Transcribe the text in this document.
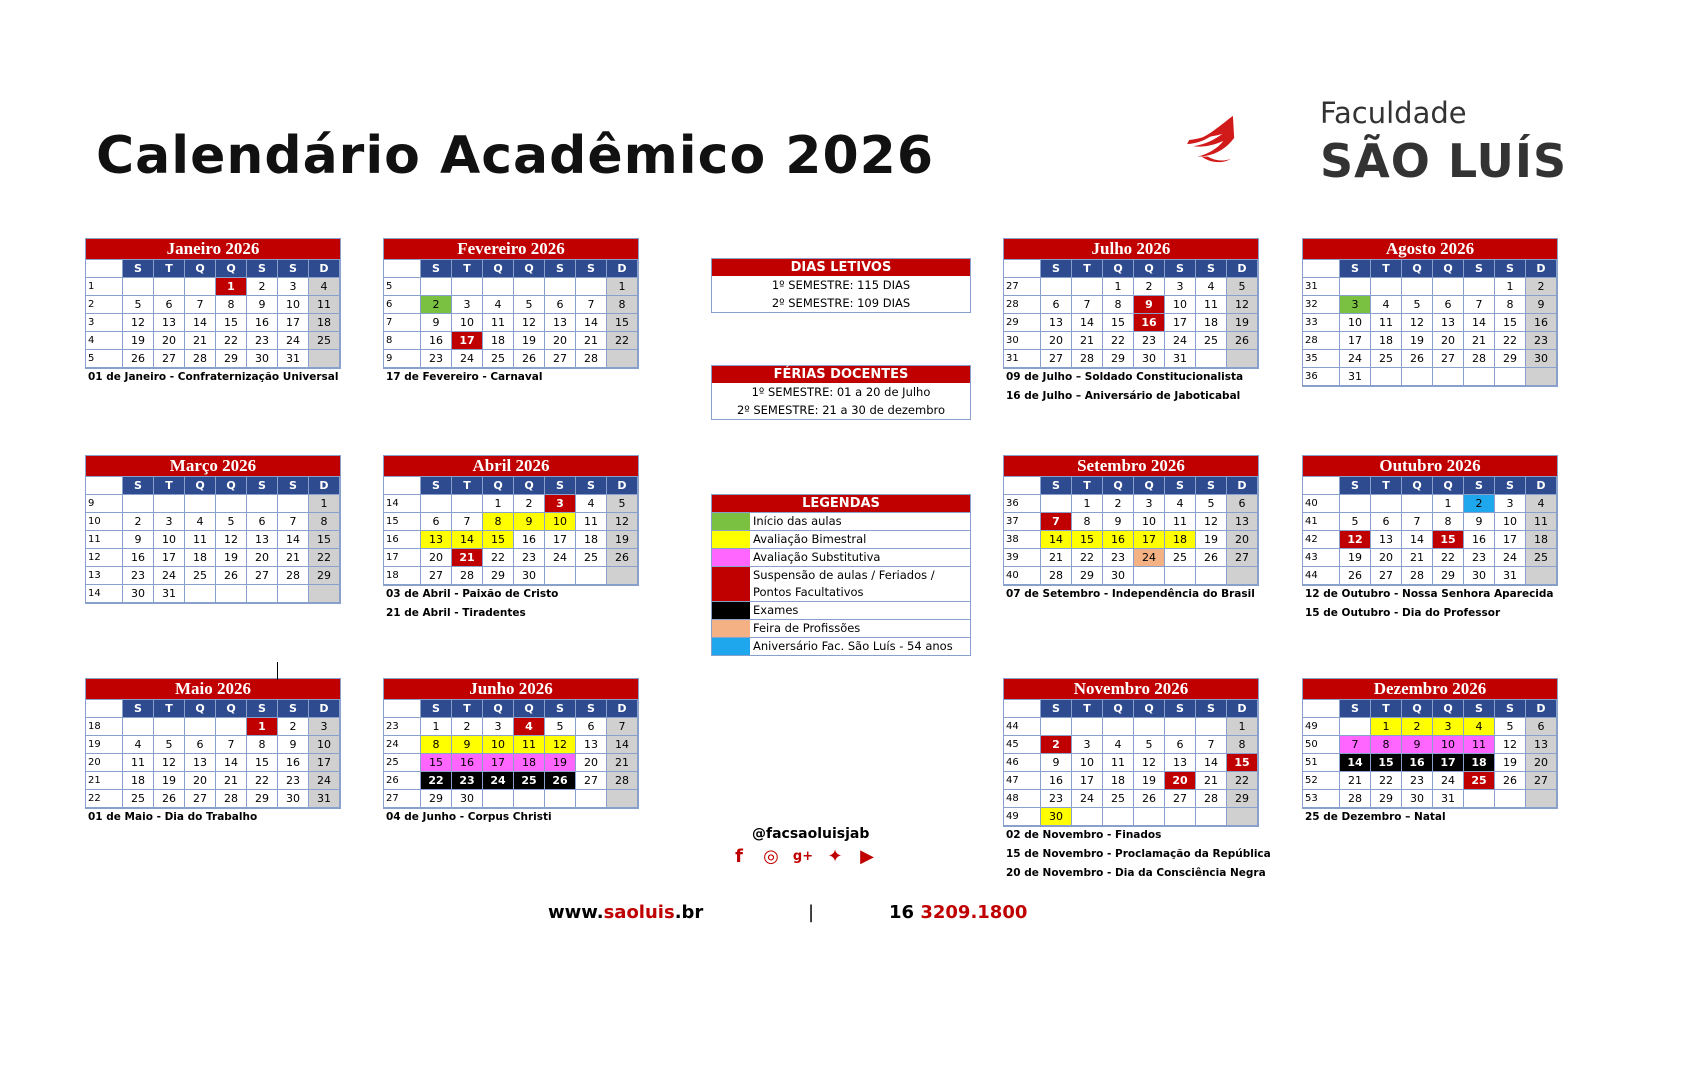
Calendário Acadêmico 2026
Faculdade
SÃO LUÍS
Janeiro 2026
	S	T	Q	Q	S	S	D
1				1	2	3	4
2	5	6	7	8	9	10	11
3	12	13	14	15	16	17	18
4	19	20	21	22	23	24	25
5	26	27	28	29	30	31	
01 de Janeiro - Confraternização Universal
Fevereiro 2026
	S	T	Q	Q	S	S	D
5							1
6	2	3	4	5	6	7	8
7	9	10	11	12	13	14	15
8	16	17	18	19	20	21	22
9	23	24	25	26	27	28	
17 de Fevereiro - Carnaval
Julho 2026
	S	T	Q	Q	S	S	D
27			1	2	3	4	5
28	6	7	8	9	10	11	12
29	13	14	15	16	17	18	19
30	20	21	22	23	24	25	26
31	27	28	29	30	31		
09 de Julho – Soldado Constitucionalista
16 de Julho – Aniversário de Jaboticabal
Agosto 2026
	S	T	Q	Q	S	S	D
31						1	2
32	3	4	5	6	7	8	9
33	10	11	12	13	14	15	16
28	17	18	19	20	21	22	23
35	24	25	26	27	28	29	30
36	31						
Março 2026
	S	T	Q	Q	S	S	D
9							1
10	2	3	4	5	6	7	8
11	9	10	11	12	13	14	15
12	16	17	18	19	20	21	22
13	23	24	25	26	27	28	29
14	30	31					
Abril 2026
	S	T	Q	Q	S	S	D
14			1	2	3	4	5
15	6	7	8	9	10	11	12
16	13	14	15	16	17	18	19
17	20	21	22	23	24	25	26
18	27	28	29	30			
03 de Abril - Paixão de Cristo
21 de Abril - Tiradentes
Setembro 2026
	S	T	Q	Q	S	S	D
36		1	2	3	4	5	6
37	7	8	9	10	11	12	13
38	14	15	16	17	18	19	20
39	21	22	23	24	25	26	27
40	28	29	30				
07 de Setembro - Independência do Brasil
Outubro 2026
	S	T	Q	Q	S	S	D
40				1	2	3	4
41	5	6	7	8	9	10	11
42	12	13	14	15	16	17	18
43	19	20	21	22	23	24	25
44	26	27	28	29	30	31	
12 de Outubro - Nossa Senhora Aparecida
15 de Outubro - Dia do Professor
Maio 2026
	S	T	Q	Q	S	S	D
18					1	2	3
19	4	5	6	7	8	9	10
20	11	12	13	14	15	16	17
21	18	19	20	21	22	23	24
22	25	26	27	28	29	30	31
01 de Maio - Dia do Trabalho
Junho 2026
	S	T	Q	Q	S	S	D
23	1	2	3	4	5	6	7
24	8	9	10	11	12	13	14
25	15	16	17	18	19	20	21
26	22	23	24	25	26	27	28
27	29	30					
04 de Junho - Corpus Christi
Novembro 2026
	S	T	Q	Q	S	S	D
44							1
45	2	3	4	5	6	7	8
46	9	10	11	12	13	14	15
47	16	17	18	19	20	21	22
48	23	24	25	26	27	28	29
49	30						
02 de Novembro - Finados
15 de Novembro - Proclamação da República
20 de Novembro - Dia da Consciência Negra
Dezembro 2026
	S	T	Q	Q	S	S	D
49		1	2	3	4	5	6
50	7	8	9	10	11	12	13
51	14	15	16	17	18	19	20
52	21	22	23	24	25	26	27
53	28	29	30	31			
25 de Dezembro – Natal
DIAS LETIVOS
1º SEMESTRE: 115 DIAS
2º SEMESTRE: 109 DIAS
FÉRIAS DOCENTES
1º SEMESTRE: 01 a 20 de Julho
2º SEMESTRE: 21 a 30 de dezembro
LEGENDAS
Início das aulas
Avaliação Bimestral
Avaliação Substitutiva
Suspensão de aulas / Feriados / Pontos Facultativos
Exames
Feira de Profissões
Aniversário Fac. São Luís - 54 anos
@facsaoluisjab
f	◎ g+ ✦ ▶
www.saoluis.br	|	16 3209.1800
